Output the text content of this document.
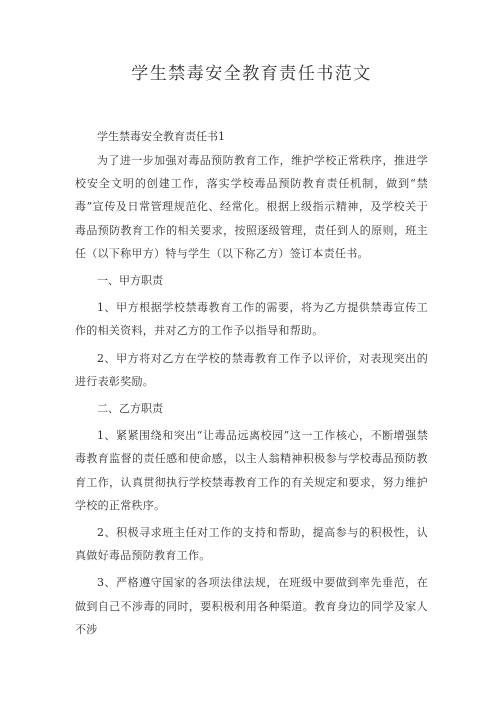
学生禁毒安全教育责任书范文

学生禁毒安全教育责任书1

为了进一步加强对毒品预防教育工作，维护学校正常秩序，推进学校安全文明的创建工作，落实学校毒品预防教育责任机制，做到“禁毒”宣传及日常管理规范化、经常化。根据上级指示精神，及学校关于毒品预防教育工作的相关要求，按照逐级管理，责任到人的原则，班主任（以下称甲方）特与学生（以下称乙方）签订本责任书。

一、甲方职责

1、甲方根据学校禁毒教育工作的需要，将为乙方提供禁毒宣传工作的相关资料，并对乙方的工作予以指导和帮助。

2、甲方将对乙方在学校的禁毒教育工作予以评价，对表现突出的进行表彰奖励。

二、乙方职责

1、紧紧围绕和突出“让毒品远离校园”这一工作核心，不断增强禁毒教育监督的责任感和使命感，以主人翁精神积极参与学校毒品预防教育工作，认真贯彻执行学校禁毒教育工作的有关规定和要求，努力维护学校的正常秩序。

2、积极寻求班主任对工作的支持和帮助，提高参与的积极性，认真做好毒品预防教育工作。

3、严格遵守国家的各项法律法规，在班级中要做到率先垂范，在做到自己不涉毒的同时，要积极利用各种渠道。教育身边的同学及家人不涉
